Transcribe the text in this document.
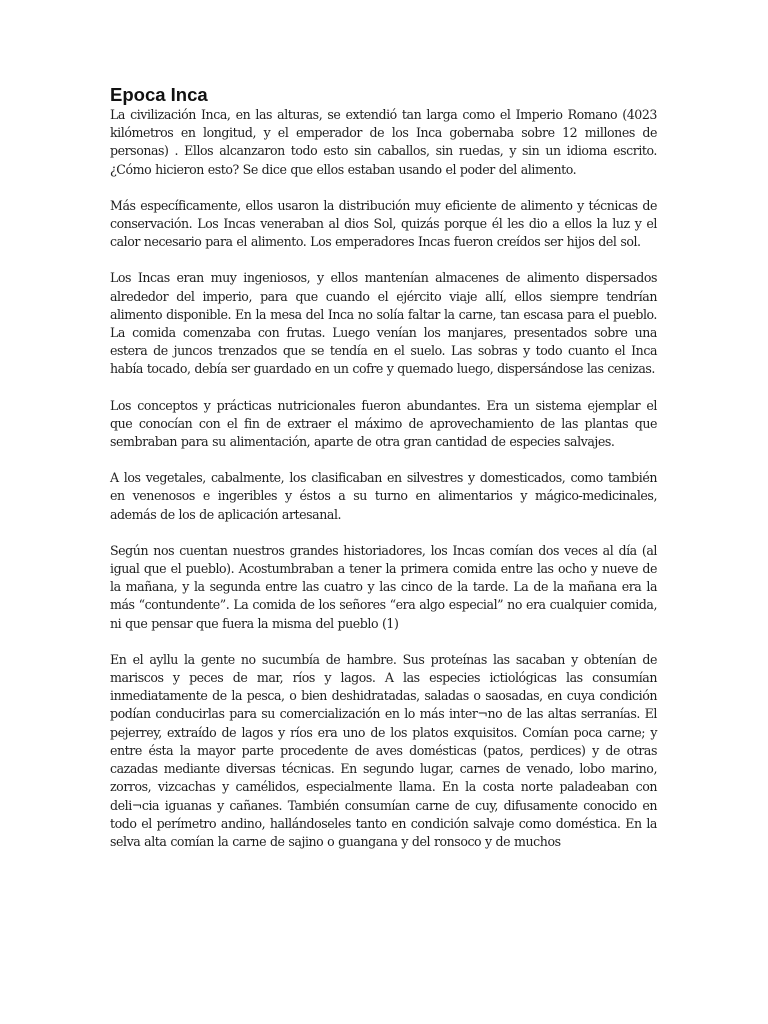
Epoca Inca

La civilización Inca, en las alturas, se extendió tan larga como el Imperio Romano (4023 kilómetros en longitud, y el emperador de los Inca gobernaba sobre 12 millones de personas) . Ellos alcanzaron todo esto sin caballos, sin ruedas, y sin un idioma escrito. ¿Cómo hicieron esto? Se dice que ellos estaban usando el poder del alimento.

Más específicamente, ellos usaron la distribución muy eficiente de alimento y técnicas de conservación. Los Incas veneraban al dios Sol, quizás porque él les dio a ellos la luz y el calor necesario para el alimento. Los emperadores Incas fueron creídos ser hijos del sol.

Los Incas eran muy ingeniosos, y ellos mantenían almacenes de alimento dispersados alrededor del imperio, para que cuando el ejército viaje allí, ellos siempre tendrían alimento disponible. En la mesa del Inca no solía faltar la carne, tan escasa para el pueblo. La comida comenzaba con frutas. Luego venían los manjares, presentados sobre una estera de juncos trenzados que se tendía en el suelo. Las sobras y todo cuanto el Inca había tocado, debía ser guardado en un cofre y quemado luego, dispersándose las cenizas.

Los conceptos y prácticas nutricionales fueron abundantes. Era un sistema ejemplar el que conocían con el fin de extraer el máximo de aprovechamiento de las plantas que sembraban para su alimentación, aparte de otra gran cantidad de especies salvajes.

A los vegetales, cabalmente, los clasificaban en silvestres y domesticados, como también en venenosos e ingeribles y éstos a su turno en alimentarios y mágico-medicinales, además de los de aplicación artesanal.

Según nos cuentan nuestros grandes historiadores, los Incas comían dos veces al día (al igual que el pueblo). Acostumbraban a tener la primera comida entre las ocho y nueve de la mañana, y la segunda entre las cuatro y las cinco de la tarde. La de la mañana era la más “contundente”. La comida de los señores “era algo especial” no era cualquier comida, ni que pensar que fuera la misma del pueblo (1)

En el ayllu la gente no sucumbía de hambre. Sus proteínas las sacaban y obtenían de mariscos y peces de mar, ríos y lagos. A las especies ictiológicas las consumían inmediatamente de la pesca, o bien deshidratadas, saladas o saosadas, en cuya condición podían conducirlas para su comercialización en lo más inter¬no de las altas serranías. El pejerrey, extraído de lagos y ríos era uno de los platos exquisitos. Comían poca carne; y entre ésta la mayor parte procedente de aves domésticas (patos, perdices) y de otras cazadas mediante diversas técnicas. En segundo lugar, carnes de venado, lobo marino, zorros, vizcachas y camélidos, especialmente llama. En la costa norte paladeaban con deli¬cia iguanas y cañanes. También consumían carne de cuy, difusamente conocido en todo el perímetro andino, hallándoseles tanto en condición salvaje como doméstica. En la selva alta comían la carne de sajino o guangana y del ronsoco y de muchos
